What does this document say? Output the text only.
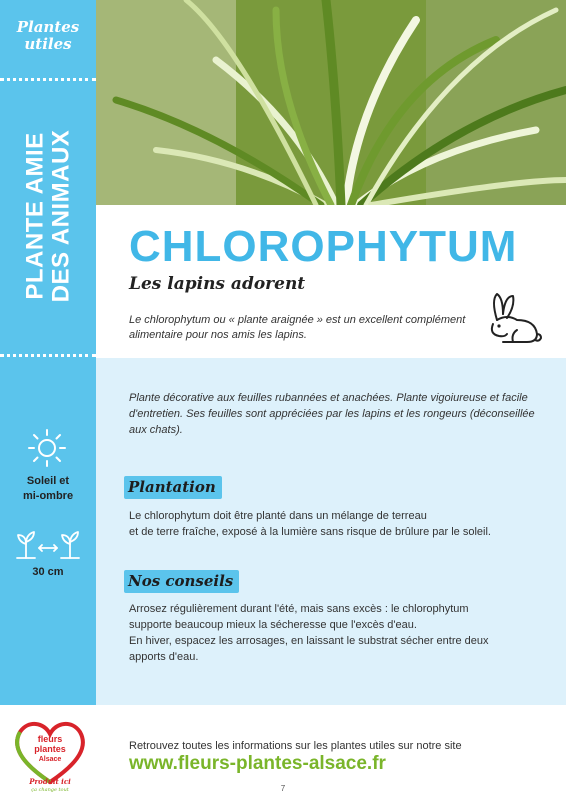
Plantes
utiles
PLANTE AMIE DES ANIMAUX CHLOROPHYTUM
Les lapins adorent
Le chlorophytum ou « plante araignée » est un excellent complément alimentaire pour nos amis les lapins.
Plante décorative aux feuilles rubannées et anachées. Plante vigoiureuse et facile d'entretien. Ses feuilles sont appréciées par les lapins et les rongeurs (déconseillée aux chats).
Plantation
Le chlorophytum doit être planté dans un mélange de terreau
et de terre fraîche, exposé à la lumière sans risque de brûlure par le soleil.
Nos conseils
Arrosez régulièrement durant l'été, mais sans excès : le chlorophytum
supporte beaucoup mieux la sécheresse que l'excès d'eau.
En hiver, espacez les arrosages, en laissant le substrat sécher entre deux
apports d'eau.
Soleil et
mi-ombre
30 cm
fleurs
plantes
Alsace
Produit ici
ça change tout
Retrouvez toutes les informations sur les plantes utiles sur notre site
www.fleurs-plantes-alsace.fr
7
